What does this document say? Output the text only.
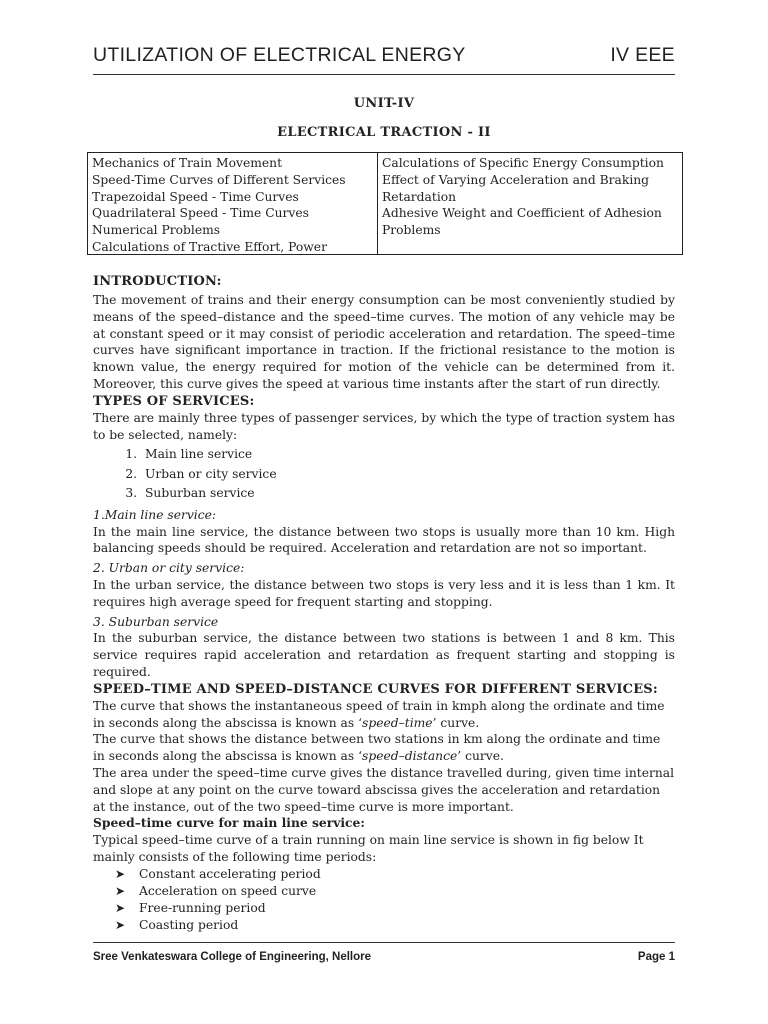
UTILIZATION OF ELECTRICAL ENERGY	IV EEE
UNIT-IV
ELECTRICAL TRACTION - II
Mechanics of Train Movement
Speed-Time Curves of Different Services
Trapezoidal Speed - Time Curves
Quadrilateral Speed - Time Curves
Numerical Problems
Calculations of Tractive Effort, Power
Calculations of Specific Energy Consumption
Effect of Varying Acceleration and Braking
Retardation
Adhesive Weight and Coefficient of Adhesion
Problems
INTRODUCTION:

The movement of trains and their energy consumption can be most conveniently studied by means of the speed–distance and the speed–time curves. The motion of any vehicle may be at constant speed or it may consist of periodic acceleration and retardation. The speed–time curves have significant importance in traction. If the frictional resistance to the motion is known value, the energy required for motion of the vehicle can be determined from it. Moreover, this curve gives the speed at various time instants after the start of run directly.

TYPES OF SERVICES:

There are mainly three types of passenger services, by which the type of traction system has to be selected, namely:

1. Main line service
2. Urban or city service
3. Suburban service

1.Main line service:

In the main line service, the distance between two stops is usually more than 10 km. High balancing speeds should be required. Acceleration and retardation are not so important.

2. Urban or city service:

In the urban service, the distance between two stops is very less and it is less than 1 km. It requires high average speed for frequent starting and stopping.

3. Suburban service

In the suburban service, the distance between two stations is between 1 and 8 km. This service requires rapid acceleration and retardation as frequent starting and stopping is required.

SPEED–TIME AND SPEED–DISTANCE CURVES FOR DIFFERENT SERVICES:

The curve that shows the instantaneous speed of train in kmph along the ordinate and time in seconds along the abscissa is known as ‘speed–time’ curve.

The curve that shows the distance between two stations in km along the ordinate and time in seconds along the abscissa is known as ‘speed–distance’ curve.

The area under the speed–time curve gives the distance travelled during, given time internal and slope at any point on the curve toward abscissa gives the acceleration and retardation at the instance, out of the two speed–time curve is more important.

Speed–time curve for main line service:

Typical speed–time curve of a train running on main line service is shown in fig below It mainly consists of the following time periods:

➤ Constant accelerating period
➤ Acceleration on speed curve
➤ Free-running period
➤ Coasting period
Sree Venkateswara College of Engineering, Nellore	Page 1
